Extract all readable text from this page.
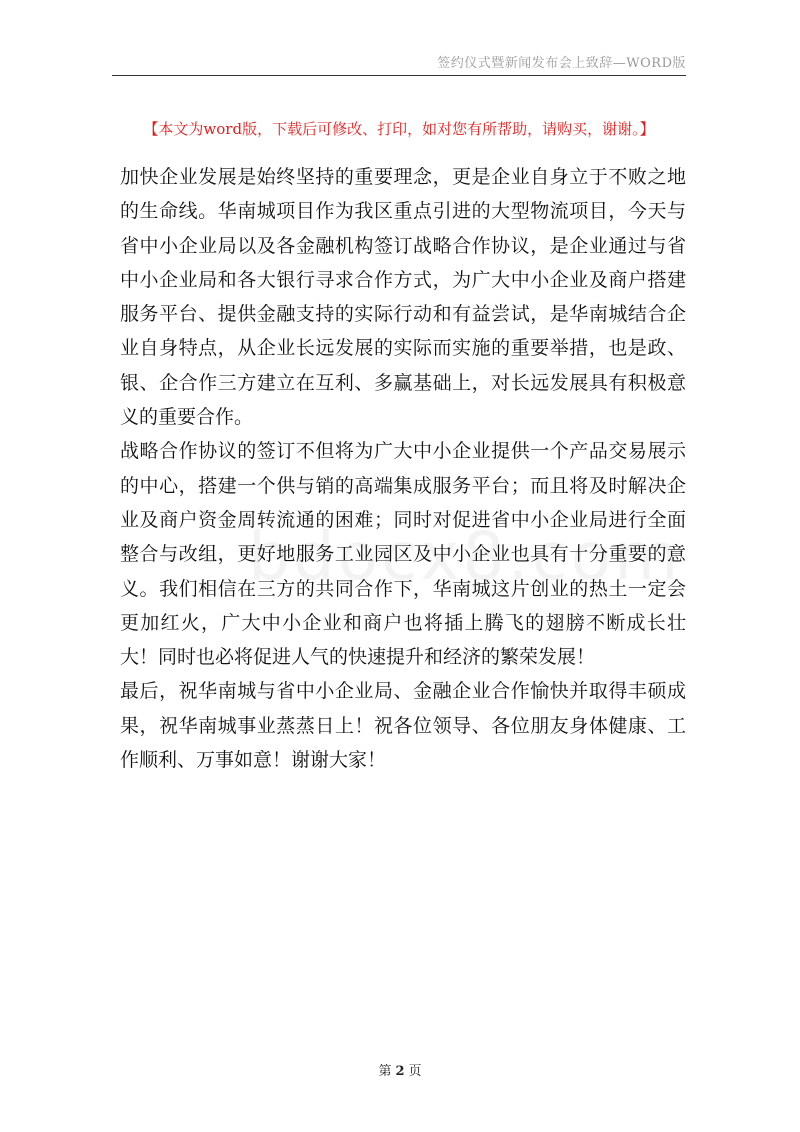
签约仪式暨新闻发布会上致辞—WORD版
【本文为word版，下载后可修改、打印，如对您有所帮助，请购买，谢谢。】

加快企业发展是始终坚持的重要理念，更是企业自身立于不败之地的生命线。华南城项目作为我区重点引进的大型物流项目，今天与省中小企业局以及各金融机构签订战略合作协议，是企业通过与省中小企业局和各大银行寻求合作方式，为广大中小企业及商户搭建服务平台、提供金融支持的实际行动和有益尝试，是华南城结合企业自身特点，从企业长远发展的实际而实施的重要举措，也是政、银、企合作三方建立在互利、多赢基础上，对长远发展具有积极意义的重要合作。

战略合作协议的签订不但将为广大中小企业提供一个产品交易展示的中心，搭建一个供与销的高端集成服务平台；而且将及时解决企业及商户资金周转流通的困难；同时对促进省中小企业局进行全面整合与改组，更好地服务工业园区及中小企业也具有十分重要的意义。我们相信在三方的共同合作下，华南城这片创业的热土一定会更加红火，广大中小企业和商户也将插上腾飞的翅膀不断成长壮大！同时也必将促进人气的快速提升和经济的繁荣发展！

最后，祝华南城与省中小企业局、金融企业合作愉快并取得丰硕成果，祝华南城事业蒸蒸日上！祝各位领导、各位朋友身体健康、工作顺利、万事如意！谢谢大家！

第 2 页
